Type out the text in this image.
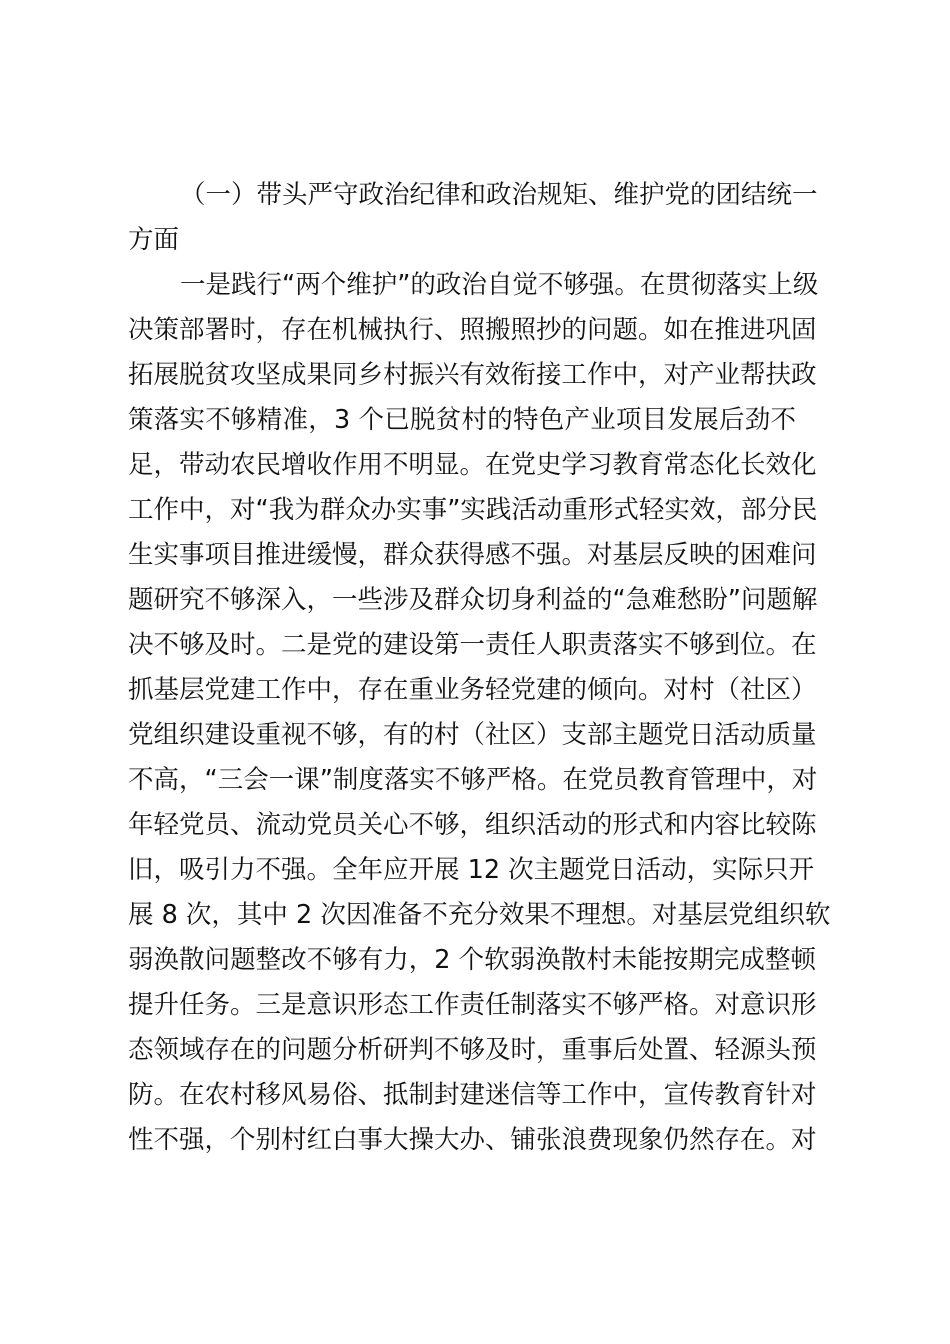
（一）带头严守政治纪律和政治规矩、维护党的团结统一
方面
一是践行“两个维护”的政治自觉不够强。在贯彻落实上级
决策部署时，存在机械执行、照搬照抄的问题。如在推进巩固
拓展脱贫攻坚成果同乡村振兴有效衔接工作中，对产业帮扶政
策落实不够精准，3 个已脱贫村的特色产业项目发展后劲不
足，带动农民增收作用不明显。在党史学习教育常态化长效化
工作中，对“我为群众办实事”实践活动重形式轻实效，部分民
生实事项目推进缓慢，群众获得感不强。对基层反映的困难问
题研究不够深入，一些涉及群众切身利益的“急难愁盼”问题解
决不够及时。二是党的建设第一责任人职责落实不够到位。在
抓基层党建工作中，存在重业务轻党建的倾向。对村（社区）
党组织建设重视不够，有的村（社区）支部主题党日活动质量
不高，“三会一课”制度落实不够严格。在党员教育管理中，对
年轻党员、流动党员关心不够，组织活动的形式和内容比较陈
旧，吸引力不强。全年应开展 12 次主题党日活动，实际只开
展 8 次，其中 2 次因准备不充分效果不理想。对基层党组织软
弱涣散问题整改不够有力，2 个软弱涣散村未能按期完成整顿
提升任务。三是意识形态工作责任制落实不够严格。对意识形
态领域存在的问题分析研判不够及时，重事后处置、轻源头预
防。在农村移风易俗、抵制封建迷信等工作中，宣传教育针对
性不强，个别村红白事大操大办、铺张浪费现象仍然存在。对
